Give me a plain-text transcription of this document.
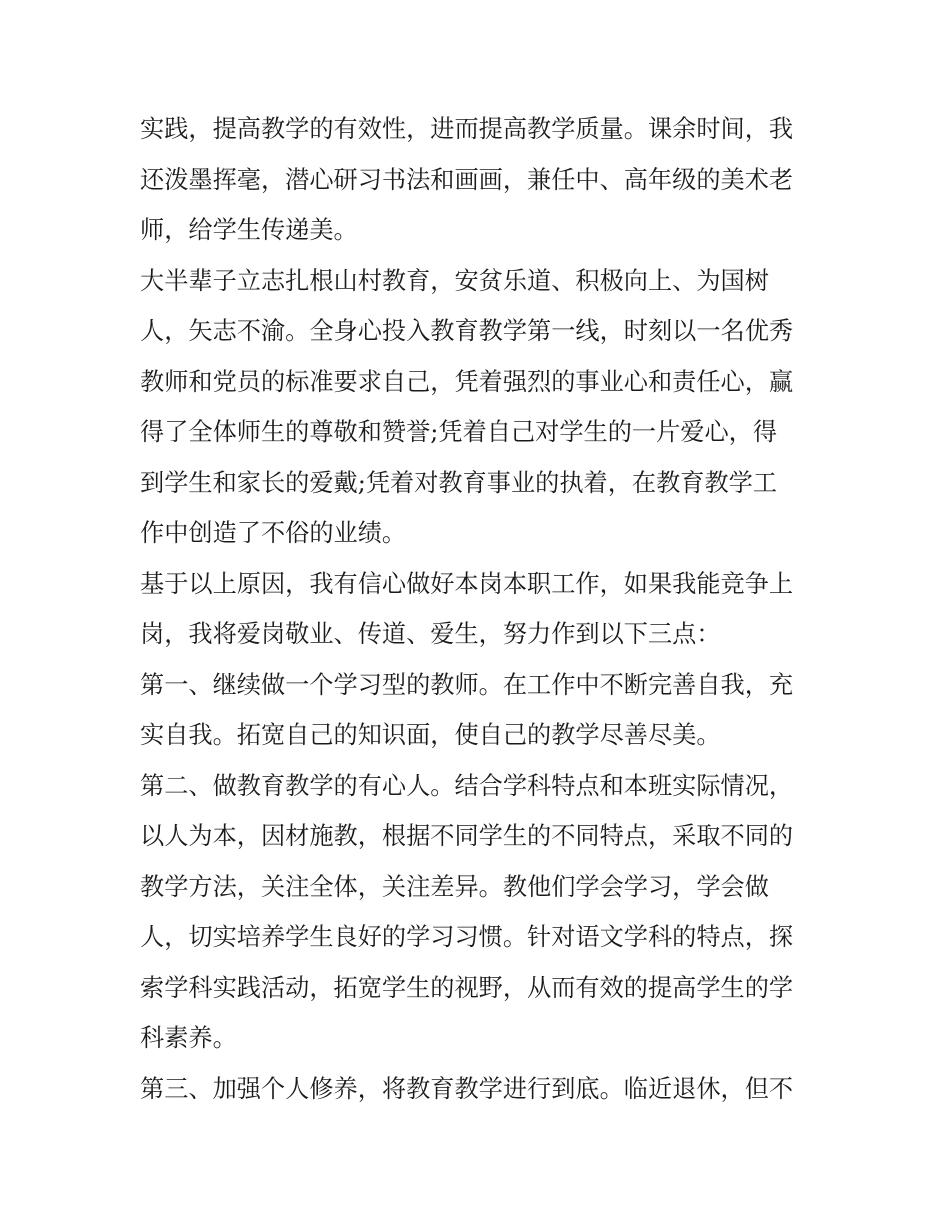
实践，提高教学的有效性，进而提高教学质量。课余时间，我
还泼墨挥毫，潜心研习书法和画画，兼任中、高年级的美术老
师，给学生传递美。
大半辈子立志扎根山村教育，安贫乐道、积极向上、为国树
人，矢志不渝。全身心投入教育教学第一线，时刻以一名优秀
教师和党员的标准要求自己，凭着强烈的事业心和责任心，赢
得了全体师生的尊敬和赞誉;凭着自己对学生的一片爱心，得
到学生和家长的爱戴;凭着对教育事业的执着，在教育教学工
作中创造了不俗的业绩。
基于以上原因，我有信心做好本岗本职工作，如果我能竞争上
岗，我将爱岗敬业、传道、爱生，努力作到以下三点：
第一、继续做一个学习型的教师。在工作中不断完善自我，充
实自我。拓宽自己的知识面，使自己的教学尽善尽美。
第二、做教育教学的有心人。结合学科特点和本班实际情况，
以人为本，因材施教，根据不同学生的不同特点，采取不同的
教学方法，关注全体，关注差异。教他们学会学习，学会做
人，切实培养学生良好的学习习惯。针对语文学科的特点，探
索学科实践活动，拓宽学生的视野，从而有效的提高学生的学
科素养。
第三、加强个人修养，将教育教学进行到底。临近退休，但不
